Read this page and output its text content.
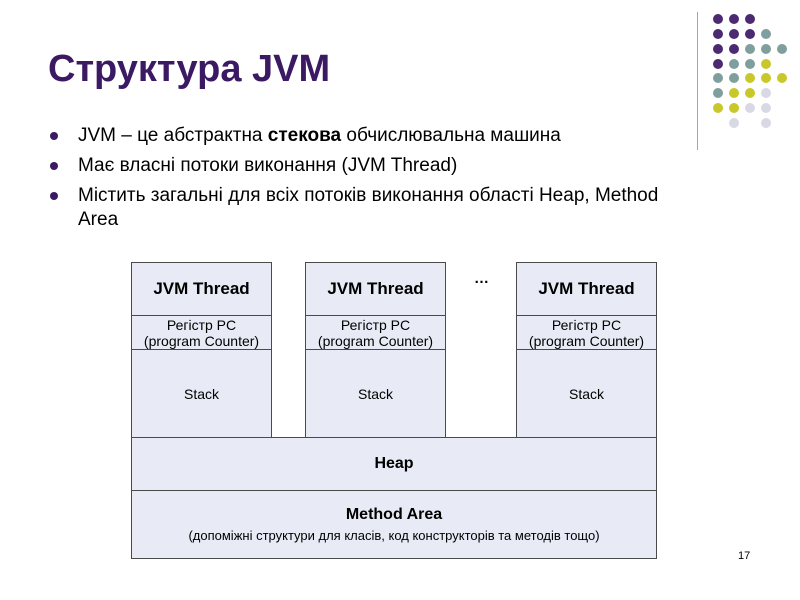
Структура JVM
JVM – це абстрактна стекова обчислювальна машина
Має власні потоки виконання (JVM Thread)
Містить загальні для всіх потоків виконання області Heap, Method Area
JVM Thread
Регістр PC
(program Counter)
Stack
JVM Thread
Регістр PC
(program Counter)
Stack
…
JVM Thread
Регістр PC
(program Counter)
Stack
Heap
Method Area
(допоміжні структури для класів, код конструкторів та методів тощо)
17
